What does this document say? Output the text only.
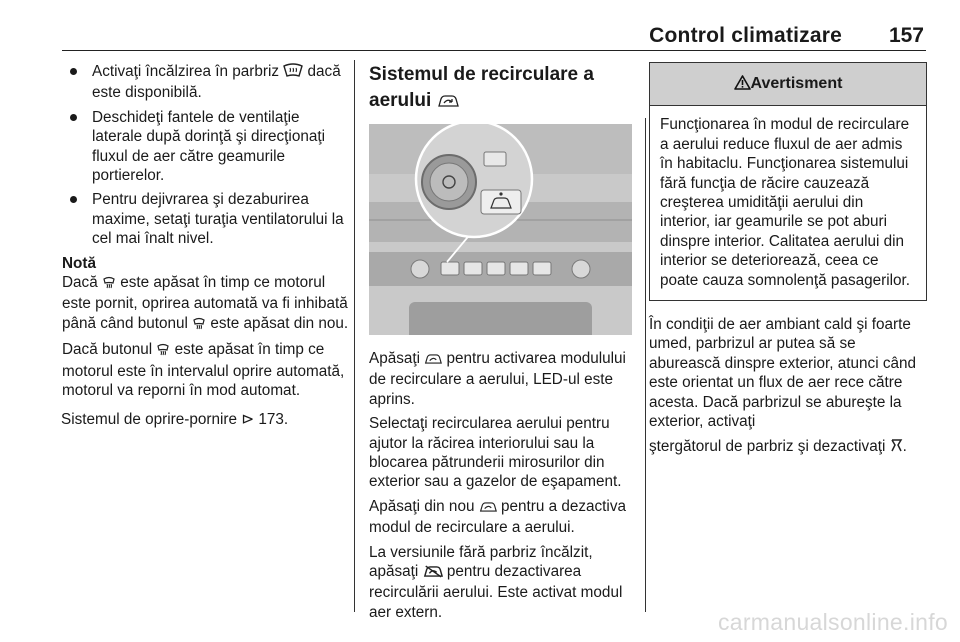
Control climatizare 157
Activaţi încălzirea în parbriz dacă este disponibilă.
Deschideţi fantele de ventilaţie laterale după dorinţă şi direcţionaţi fluxul de aer către geamurile portierelor.
Pentru dejivrarea şi dezaburirea maxime, setaţi turaţia ventilatorului la cel mai înalt nivel.
Notă

Dacă este apăsat în timp ce motorul este pornit, oprirea automată va fi inhibată până când butonul este apăsat din nou.

Dacă butonul este apăsat în timp ce motorul este în intervalul oprire automată, motorul va reporni în mod automat.

Sistemul de oprire-pornire ⊳ 173.

Sistemul de recirculare a
aerului

Apăsaţi pentru activarea modulului de recirculare a aerului, LED-ul este aprins.

Selectaţi recircularea aerului pentru ajutor la răcirea interiorului sau la blocarea pătrunderii mirosurilor din exterior sau a gazelor de eşapament.

Apăsaţi din nou pentru a dezactiva modul de recirculare a aerului.

La versiunile fără parbriz încălzit, apăsaţi pentru dezactivarea recirculării aerului. Este activat modul aer extern.

Avertisment
Funcţionarea în modul de recirculare a aerului reduce fluxul de aer admis în habitaclu. Funcţionarea sistemului fără funcţia de răcire cauzează creşterea umidităţii aerului din interior, iar geamurile se pot aburi dinspre interior. Calitatea aerului din interior se deteriorează, ceea ce poate cauza somnolenţă pasagerilor.

În condiţii de aer ambiant cald şi foarte umed, parbrizul ar putea să se aburească dinspre exterior, atunci când este orientat un flux de aer rece către acesta. Dacă parbrizul se abureşte la exterior, activaţi

ştergătorul de parbriz şi dezactivaţi .

carmanualsonline.info
